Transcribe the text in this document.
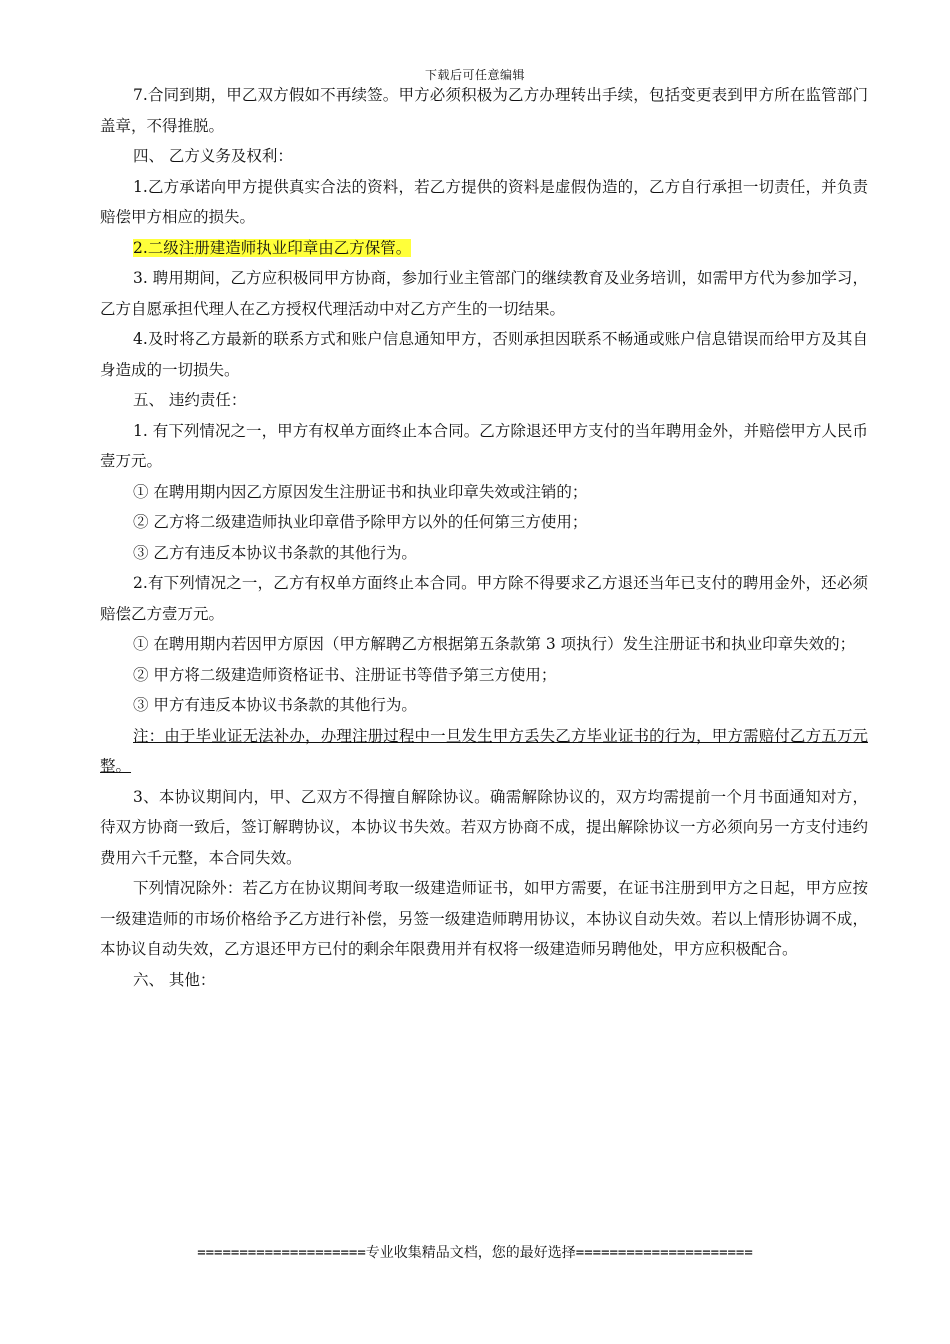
下载后可任意编辑

7.合同到期，甲乙双方假如不再续签。甲方必须积极为乙方办理转出手续，包括变更表到甲方所在监管部门盖章，不得推脱。

四、 乙方义务及权利：

1.乙方承诺向甲方提供真实合法的资料，若乙方提供的资料是虚假伪造的，乙方自行承担一切责任，并负责赔偿甲方相应的损失。

2.二级注册建造师执业印章由乙方保管。

3. 聘用期间，乙方应积极同甲方协商，参加行业主管部门的继续教育及业务培训，如需甲方代为参加学习，乙方自愿承担代理人在乙方授权代理活动中对乙方产生的一切结果。

4.及时将乙方最新的联系方式和账户信息通知甲方，否则承担因联系不畅通或账户信息错误而给甲方及其自身造成的一切损失。

五、 违约责任：

1. 有下列情况之一，甲方有权单方面终止本合同。乙方除退还甲方支付的当年聘用金外，并赔偿甲方人民币壹万元。

① 在聘用期内因乙方原因发生注册证书和执业印章失效或注销的；

② 乙方将二级建造师执业印章借予除甲方以外的任何第三方使用；

③ 乙方有违反本协议书条款的其他行为。

2.有下列情况之一，乙方有权单方面终止本合同。甲方除不得要求乙方退还当年已支付的聘用金外，还必须赔偿乙方壹万元。

① 在聘用期内若因甲方原因（甲方解聘乙方根据第五条款第 3 项执行）发生注册证书和执业印章失效的；

② 甲方将二级建造师资格证书、注册证书等借予第三方使用；

③ 甲方有违反本协议书条款的其他行为。

注：由于毕业证无法补办，办理注册过程中一旦发生甲方丢失乙方毕业证书的行为，甲方需赔付乙方五万元整。

3、本协议期间内，甲、乙双方不得擅自解除协议。确需解除协议的，双方均需提前一个月书面通知对方，待双方协商一致后，签订解聘协议，本协议书失效。若双方协商不成，提出解除协议一方必须向另一方支付违约费用六千元整，本合同失效。

下列情况除外：若乙方在协议期间考取一级建造师证书，如甲方需要，在证书注册到甲方之日起，甲方应按一级建造师的市场价格给予乙方进行补偿，另签一级建造师聘用协议，本协议自动失效。若以上情形协调不成，本协议自动失效，乙方退还甲方已付的剩余年限费用并有权将一级建造师另聘他处，甲方应积极配合。

六、 其他：

====================专业收集精品文档，您的最好选择=====================
